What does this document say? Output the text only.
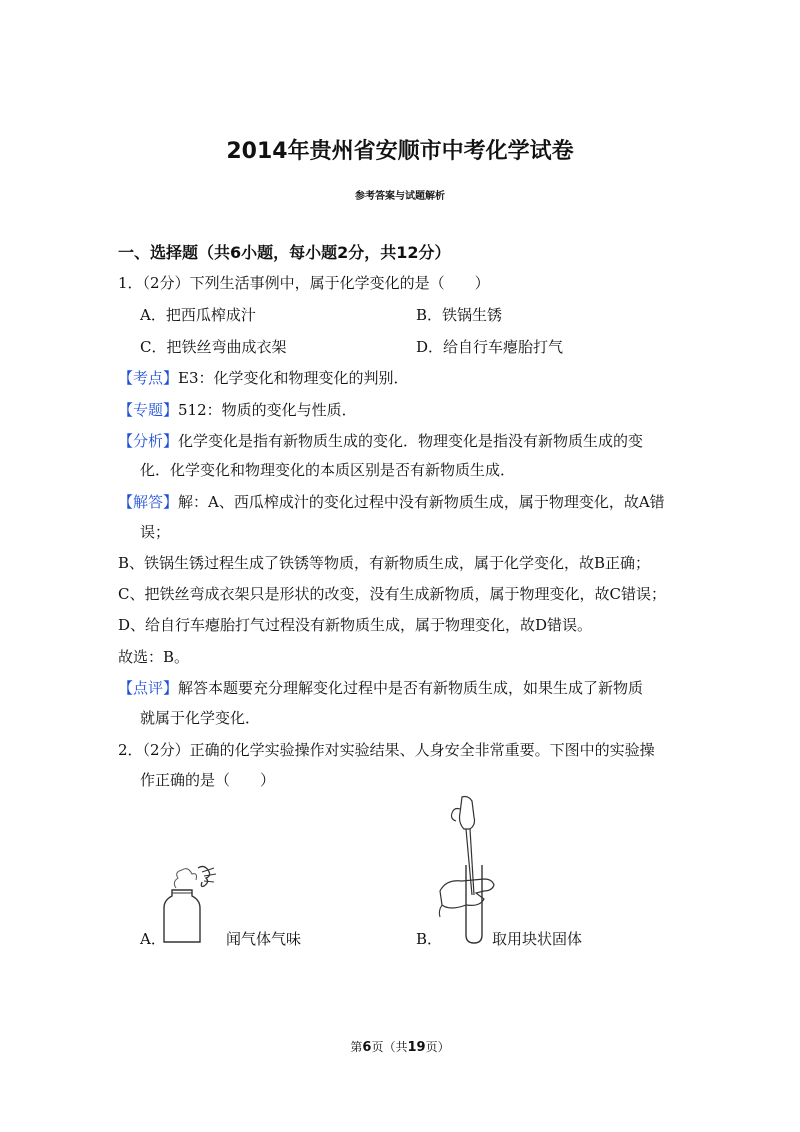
2014年贵州省安顺市中考化学试卷
参考答案与试题解析
一、选择题（共6小题，每小题2分，共12分）
1．（2分）下列生活事例中，属于化学变化的是（　　）
A．把西瓜榨成汁	B．铁锅生锈
C．把铁丝弯曲成衣架	D．给自行车瘪胎打气
【考点】E3：化学变化和物理变化的判别．
【专题】512：物质的变化与性质．
【分析】化学变化是指有新物质生成的变化．物理变化是指没有新物质生成的变
化．化学变化和物理变化的本质区别是否有新物质生成．
【解答】解：A、西瓜榨成汁的变化过程中没有新物质生成，属于物理变化，故A错
误；
B、铁锅生锈过程生成了铁锈等物质，有新物质生成，属于化学变化，故B正确；
C、把铁丝弯成衣架只是形状的改变，没有生成新物质，属于物理变化，故C错误；
D、给自行车瘪胎打气过程没有新物质生成，属于物理变化，故D错误。
故选：B。
【点评】解答本题要充分理解变化过程中是否有新物质生成，如果生成了新物质
就属于化学变化．
2．（2分）正确的化学实验操作对实验结果、人身安全非常重要。下图中的实验操
作正确的是（　　）
A．	闻气体气味	B．	取用块状固体
第6页（共19页）
